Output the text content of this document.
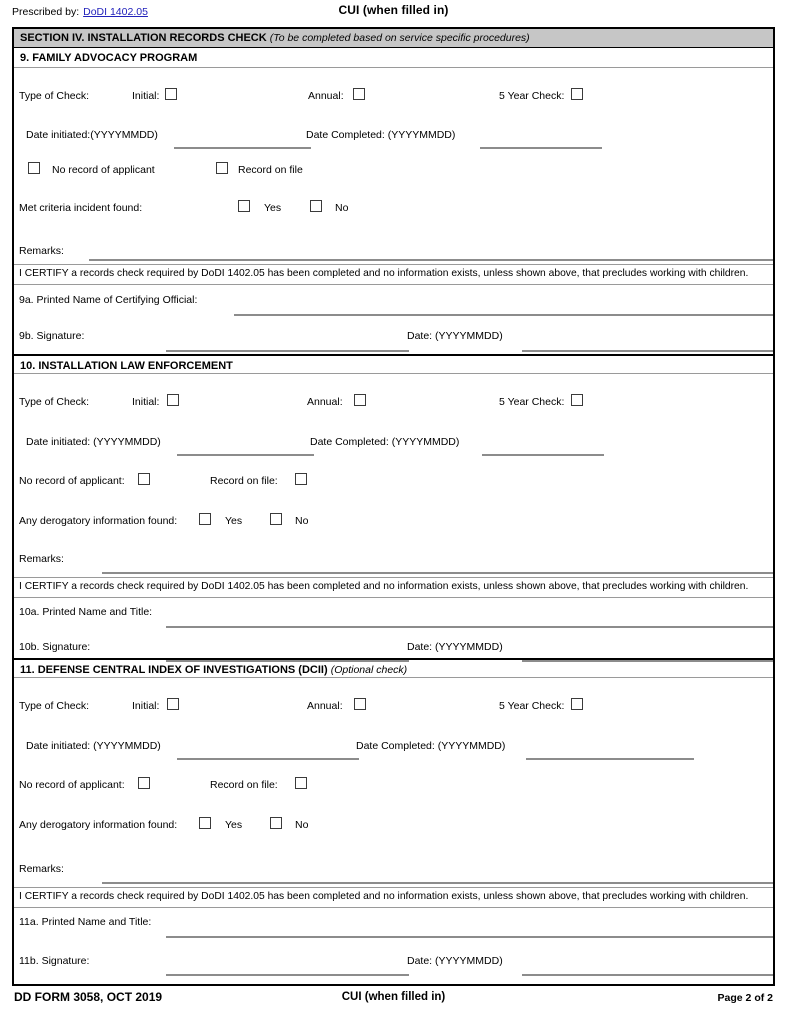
Prescribed by: DoDI 1402.05	CUI (when filled in)
SECTION IV. INSTALLATION RECORDS CHECK (To be completed based on service specific procedures)
9. FAMILY ADVOCACY PROGRAM
Type of Check:	Initial:	Annual:	5 Year Check:
Date initiated:(YYYYMMDD)	Date Completed: (YYYYMMDD)
No record of applicant	Record on file
Met criteria incident found:	Yes	No
Remarks:
I CERTIFY a records check required by DoDI 1402.05 has been completed and no information exists, unless shown above, that precludes working with children.
9a. Printed Name of Certifying Official:
9b. Signature:	Date: (YYYYMMDD)
10. INSTALLATION LAW ENFORCEMENT
Type of Check:	Initial:	Annual:	5 Year Check:
Date initiated: (YYYYMMDD)	Date Completed: (YYYYMMDD)
No record of applicant:	Record on file:
Any derogatory information found:	Yes	No
Remarks:
I CERTIFY a records check required by DoDI 1402.05 has been completed and no information exists, unless shown above, that precludes working with children.
10a. Printed Name and Title:
10b. Signature:	Date: (YYYYMMDD)
11. DEFENSE CENTRAL INDEX OF INVESTIGATIONS (DCII) (Optional check)
Type of Check:	Initial:	Annual:	5 Year Check:
Date initiated: (YYYYMMDD)	Date Completed: (YYYYMMDD)
No record of applicant:	Record on file:
Any derogatory information found:	Yes	No
Remarks:
I CERTIFY a records check required by DoDI 1402.05 has been completed and no information exists, unless shown above, that precludes working with children.
11a. Printed Name and Title:
11b. Signature:	Date: (YYYYMMDD)
DD FORM 3058, OCT 2019	CUI (when filled in)	Page 2 of 2
